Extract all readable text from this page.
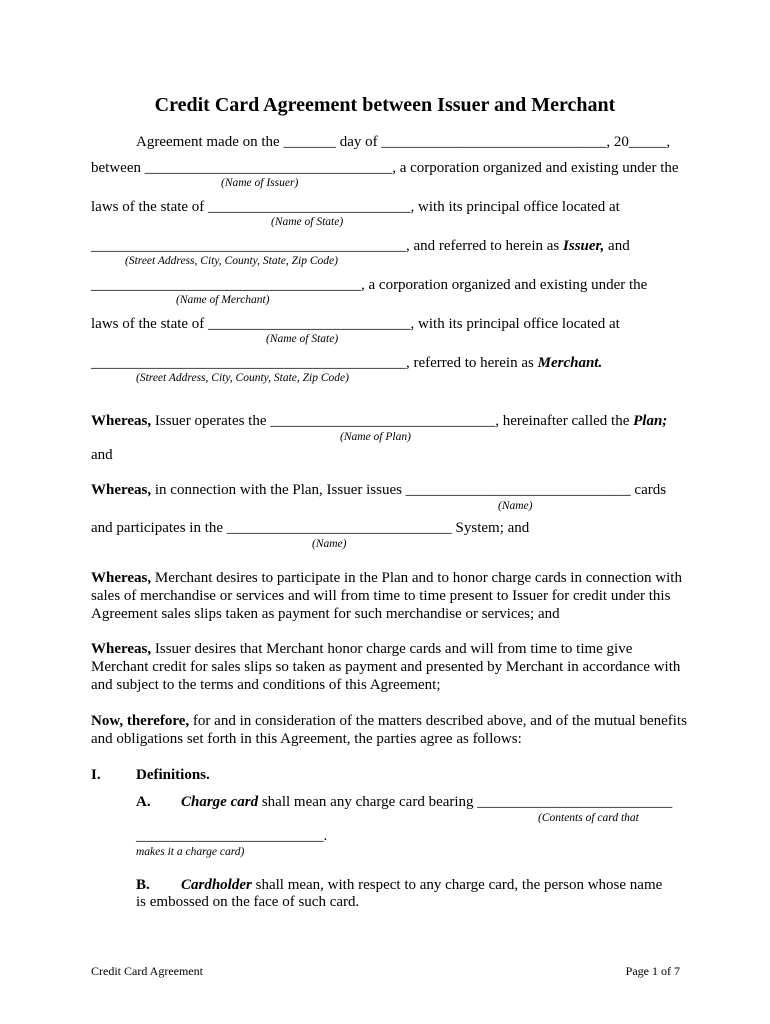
Credit Card Agreement between Issuer and Merchant
Agreement made on the _______ day of ______________________________, 20_____,
between _________________________________, a corporation organized and existing under the
(Name of Issuer)
laws of the state of ___________________________, with its principal office located at
(Name of State)
__________________________________________, and referred to herein as Issuer, and
(Street Address, City, County, State, Zip Code)
____________________________________, a corporation organized and existing under the
(Name of Merchant)
laws of the state of ___________________________, with its principal office located at
(Name of State)
__________________________________________, referred to herein as Merchant.
(Street Address, City, County, State, Zip Code)
Whereas, Issuer operates the ______________________________, hereinafter called the Plan;
(Name of Plan)
and
Whereas, in connection with the Plan, Issuer issues ______________________________ cards
(Name)
and participates in the ______________________________ System; and
(Name)
Whereas, Merchant desires to participate in the Plan and to honor charge cards in connection with sales of merchandise or services and will from time to time present to Issuer for credit under this Agreement sales slips taken as payment for such merchandise or services; and
Whereas, Issuer desires that Merchant honor charge cards and will from time to time give Merchant credit for sales slips so taken as payment and presented by Merchant in accordance with and subject to the terms and conditions of this Agreement;
Now, therefore, for and in consideration of the matters described above, and of the mutual benefits and obligations set forth in this Agreement, the parties agree as follows:
I. Definitions.
A. Charge card shall mean any charge card bearing __________________________
(Contents of card that
_________________________.
makes it a charge card)
B. Cardholder shall mean, with respect to any charge card, the person whose name
is embossed on the face of such card.
Credit Card Agreement	Page 1 of 7
